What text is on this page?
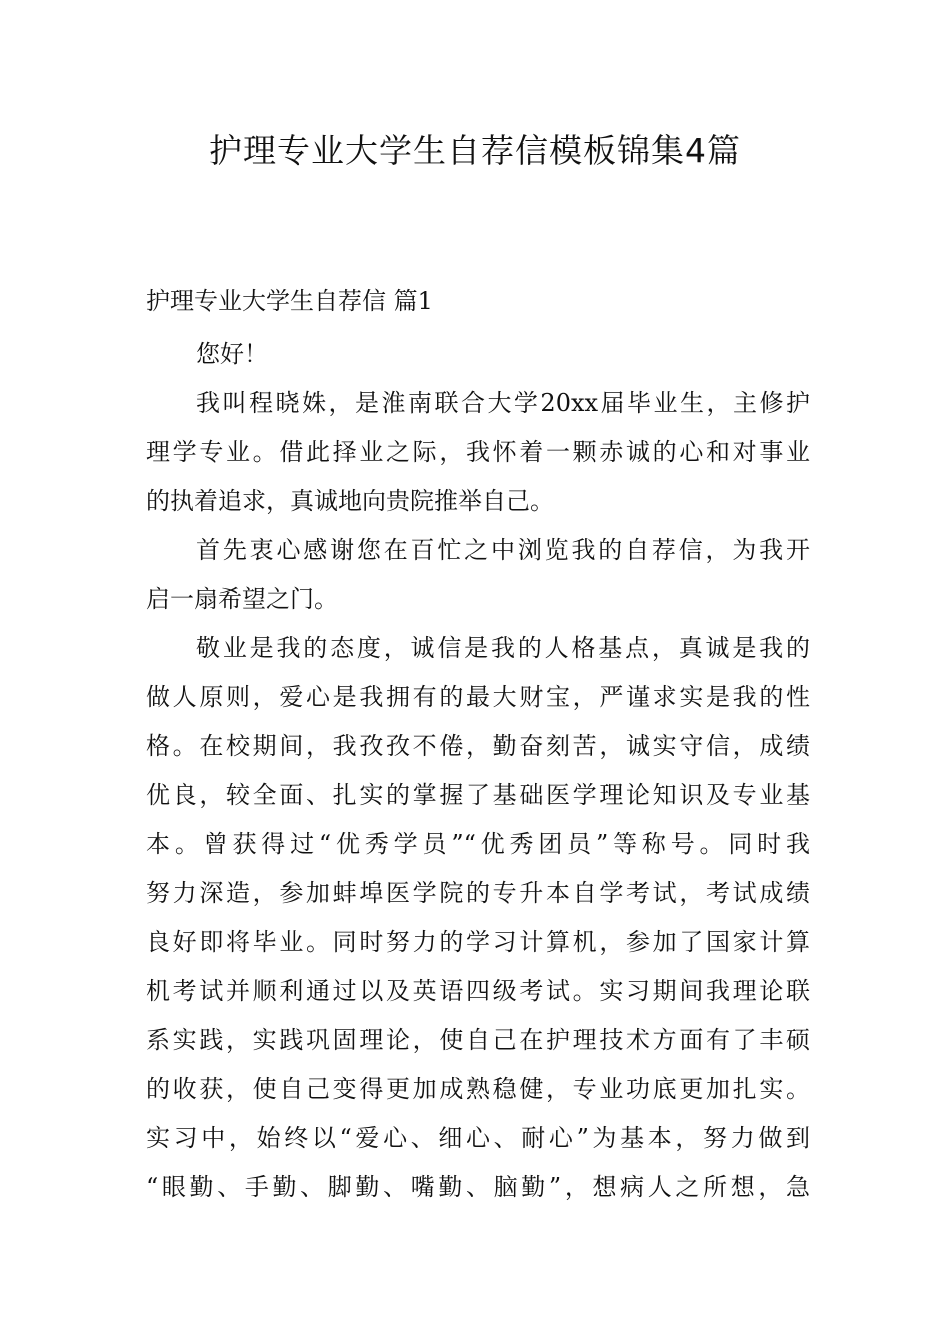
护理专业大学生自荐信模板锦集4篇
护理专业大学生自荐信 篇1
您好！
我叫程晓姝，是淮南联合大学20xx届毕业生，主修护
理学专业。借此择业之际，我怀着一颗赤诚的心和对事业
的执着追求，真诚地向贵院推举自己。
首先衷心感谢您在百忙之中浏览我的自荐信，为我开
启一扇希望之门。
敬业是我的态度，诚信是我的人格基点，真诚是我的
做人原则，爱心是我拥有的最大财宝，严谨求实是我的性
格。在校期间，我孜孜不倦，勤奋刻苦，诚实守信，成绩
优良，较全面、扎实的掌握了基础医学理论知识及专业基
本。曾获得过“优秀学员”“优秀团员”等称号。同时我
努力深造，参加蚌埠医学院的专升本自学考试，考试成绩
良好即将毕业。同时努力的学习计算机，参加了国家计算
机考试并顺利通过以及英语四级考试。实习期间我理论联
系实践，实践巩固理论，使自己在护理技术方面有了丰硕
的收获，使自己变得更加成熟稳健，专业功底更加扎实。
实习中，始终以“爱心、细心、耐心”为基本，努力做到
“眼勤、手勤、脚勤、嘴勤、脑勤”，想病人之所想，急
